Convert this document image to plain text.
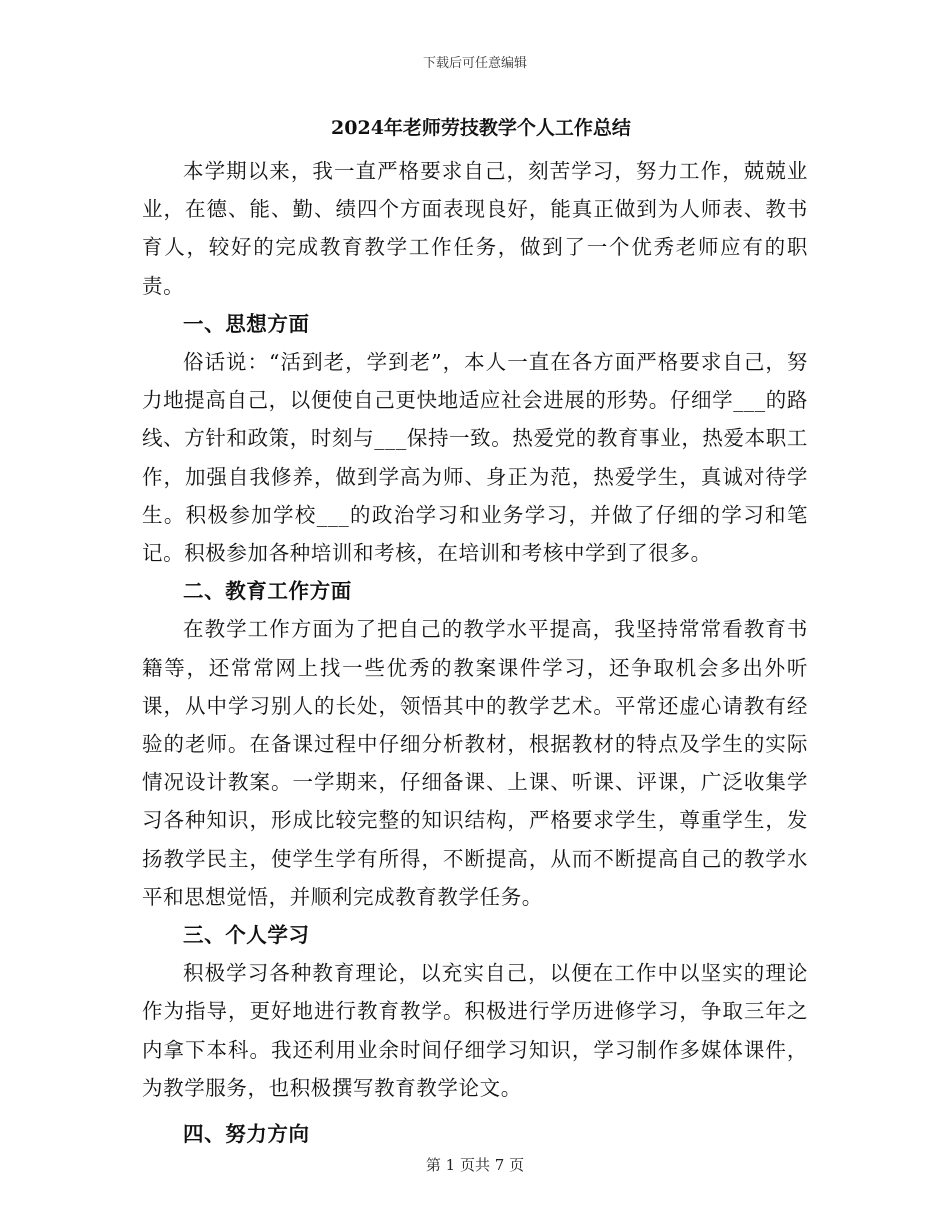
下载后可任意编辑
2024年老师劳技教学个人工作总结

本学期以来，我一直严格要求自己，刻苦学习，努力工作，兢兢业业，在德、能、勤、绩四个方面表现良好，能真正做到为人师表、教书育人，较好的完成教育教学工作任务，做到了一个优秀老师应有的职责。

一、思想方面

俗话说：“活到老，学到老”，本人一直在各方面严格要求自己，努力地提高自己，以便使自己更快地适应社会进展的形势。仔细学___的路线、方针和政策，时刻与___保持一致。热爱党的教育事业，热爱本职工作，加强自我修养，做到学高为师、身正为范，热爱学生，真诚对待学生。积极参加学校___的政治学习和业务学习，并做了仔细的学习和笔记。积极参加各种培训和考核，在培训和考核中学到了很多。

二、教育工作方面

在教学工作方面为了把自己的教学水平提高，我坚持常常看教育书籍等，还常常网上找一些优秀的教案课件学习，还争取机会多出外听课，从中学习别人的长处，领悟其中的教学艺术。平常还虚心请教有经验的老师。在备课过程中仔细分析教材，根据教材的特点及学生的实际情况设计教案。一学期来，仔细备课、上课、听课、评课，广泛收集学习各种知识，形成比较完整的知识结构，严格要求学生，尊重学生，发扬教学民主，使学生学有所得，不断提高，从而不断提高自己的教学水平和思想觉悟，并顺利完成教育教学任务。

三、个人学习

积极学习各种教育理论，以充实自己，以便在工作中以坚实的理论作为指导，更好地进行教育教学。积极进行学历进修学习，争取三年之内拿下本科。我还利用业余时间仔细学习知识，学习制作多媒体课件，为教学服务，也积极撰写教育教学论文。

四、努力方向

第 1 页共 7 页
